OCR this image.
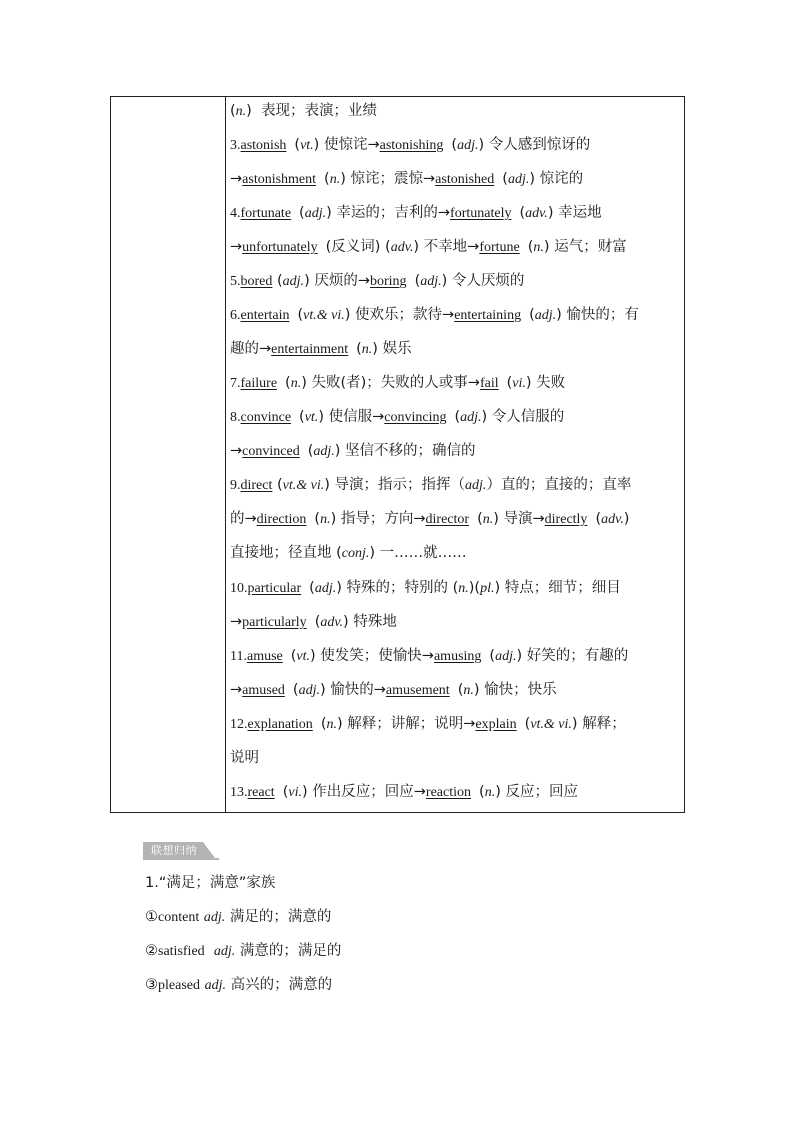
(n.)  表现；表演；业绩
3.astonish (vt.) 使惊诧→astonishing (adj.) 令人感到惊讶的
→astonishment (n.) 惊诧；震惊→astonished (adj.) 惊诧的
4.fortunate (adj.) 幸运的；吉利的→fortunately (adv.) 幸运地
→unfortunately (反义词) (adv.) 不幸地→fortune (n.) 运气；财富
5.bored (adj.) 厌烦的→boring (adj.) 令人厌烦的
6.entertain (vt.& vi.) 使欢乐；款待→entertaining (adj.) 愉快的；有
趣的→entertainment (n.) 娱乐
7.failure (n.) 失败(者)；失败的人或事→fail (vi.) 失败
8.convince (vt.) 使信服→convincing (adj.) 令人信服的
→convinced (adj.) 坚信不移的；确信的
9.direct (vt.& vi.) 导演；指示；指挥（adj.）直的；直接的；直率
的→direction (n.) 指导；方向→director (n.) 导演→directly (adv.)
直接地；径直地 (conj.) 一……就……
10.particular (adj.) 特殊的；特别的 (n.)(pl.) 特点；细节；细目
→particularly (adv.) 特殊地
11.amuse (vt.) 使发笑；使愉快→amusing (adj.) 好笑的；有趣的
→amused (adj.) 愉快的→amusement (n.) 愉快；快乐
12.explanation (n.) 解释；讲解；说明→explain (vt.& vi.) 解释；
说明
13.react (vi.) 作出反应；回应→reaction (n.) 反应；回应
联想归纳
1.“满足；满意”家族
①content adj. 满足的；满意的
②satisfied adj. 满意的；满足的
③pleased adj. 高兴的；满意的
